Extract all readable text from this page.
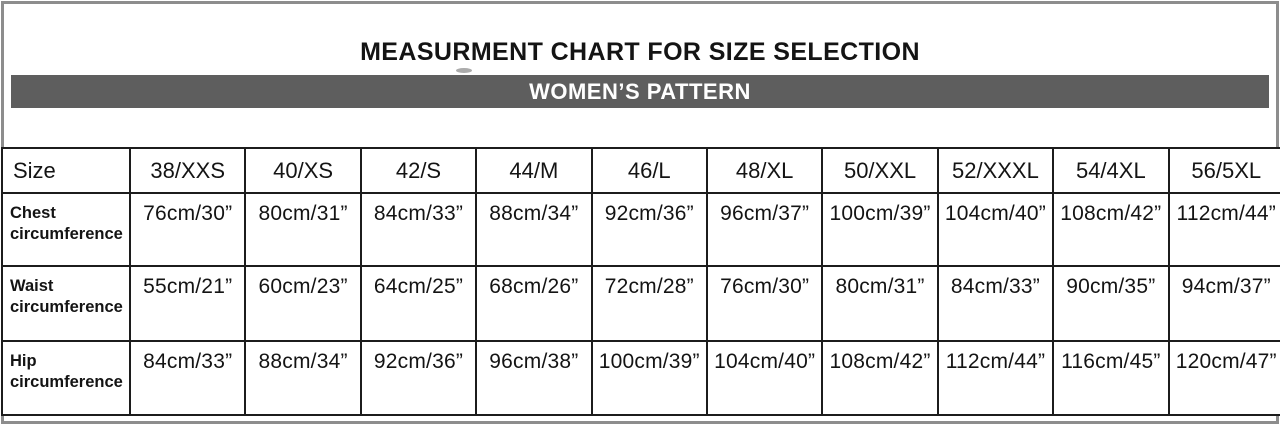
MEASURMENT CHART FOR SIZE SELECTION
WOMEN’S PATTERN
Size	38/XXS	40/XS	42/S	44/M	46/L	48/XL	50/XXL	52/XXXL	54/4XL	56/5XL
Chest circumference	76cm/30”	80cm/31”	84cm/33”	88cm/34”	92cm/36”	96cm/37”	100cm/39”	104cm/40”	108cm/42”	112cm/44”
Waist circumference	55cm/21”	60cm/23”	64cm/25”	68cm/26”	72cm/28”	76cm/30”	80cm/31”	84cm/33”	90cm/35”	94cm/37”
Hip circumference	84cm/33”	88cm/34”	92cm/36”	96cm/38”	100cm/39”	104cm/40”	108cm/42”	112cm/44”	116cm/45”	120cm/47”
